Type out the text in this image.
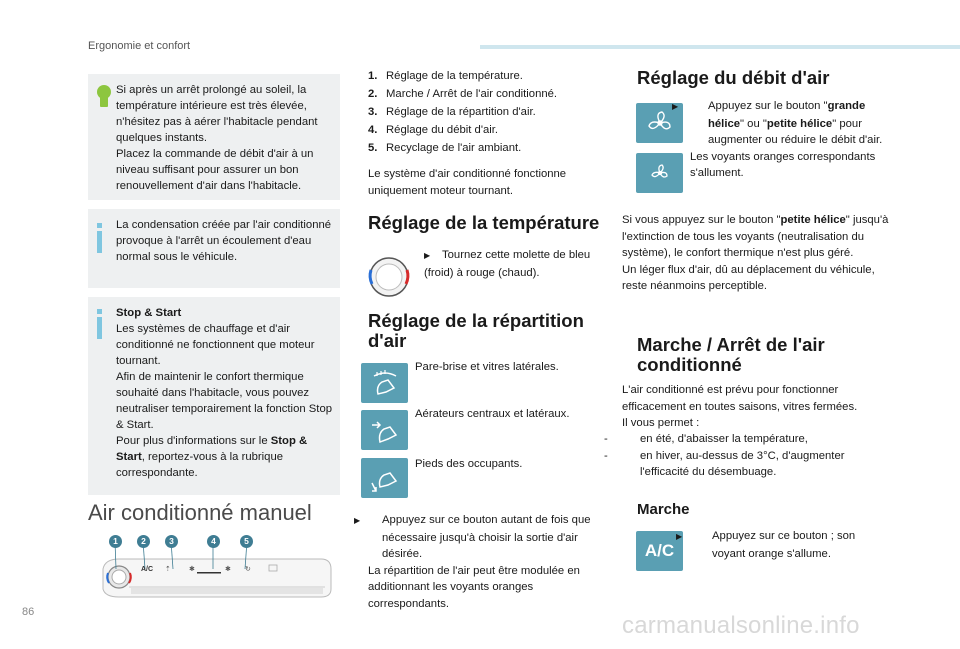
Ergonomie et confort
Si après un arrêt prolongé au soleil, la température intérieure est très élevée, n'hésitez pas à aérer l'habitacle pendant quelques instants.
Placez la commande de débit d'air à un niveau suffisant pour assurer un bon renouvellement d'air dans l'habitacle.
La condensation créée par l'air conditionné provoque à l'arrêt un écoulement d'eau normal sous le véhicule.
Stop & Start
Les systèmes de chauffage et d'air conditionné ne fonctionnent que moteur tournant.
Afin de maintenir le confort thermique souhaité dans l'habitacle, vous pouvez neutraliser temporairement la fonction Stop & Start.
Pour plus d'informations sur le Stop & Start, reportez-vous à la rubrique correspondante.
Air conditionné manuel
A/C ⇡	✱	✱ ↻
1	2	3	4	5
1. Réglage de la température.
2. Marche / Arrêt de l'air conditionné.
3. Réglage de la répartition d'air.
4. Réglage du débit d'air.
5. Recyclage de l'air ambiant.
Le système d'air conditionné fonctionne uniquement moteur tournant.
Réglage de la température
▶ Tournez cette molette de bleu (froid) à rouge (chaud).
Réglage de la répartition d'air
Pare-brise et vitres latérales.
Aérateurs centraux et latéraux.
Pieds des occupants.
▶ Appuyez sur ce bouton autant de fois que nécessaire jusqu'à choisir la sortie d'air désirée.
La répartition de l'air peut être modulée en additionnant les voyants oranges correspondants.
Réglage du débit d'air
▶	Appuyez sur le bouton "grande hélice" ou "petite hélice" pour augmenter ou réduire le débit d'air.
Les voyants oranges correspondants s'allument.
Si vous appuyez sur le bouton "petite hélice" jusqu'à l'extinction de tous les voyants (neutralisation du système), le confort thermique n'est plus géré.
Un léger flux d'air, dû au déplacement du véhicule, reste néanmoins perceptible.
Marche / Arrêt de l'air conditionné
L'air conditionné est prévu pour fonctionner efficacement en toutes saisons, vitres fermées.
Il vous permet :
-	en été, d'abaisser la température,
-	en hiver, au-dessus de 3°C, d'augmenter l'efficacité du désembuage.
Marche
A/C
▶	Appuyez sur ce bouton ; son voyant orange s'allume.
86	carmanualsonline.info
